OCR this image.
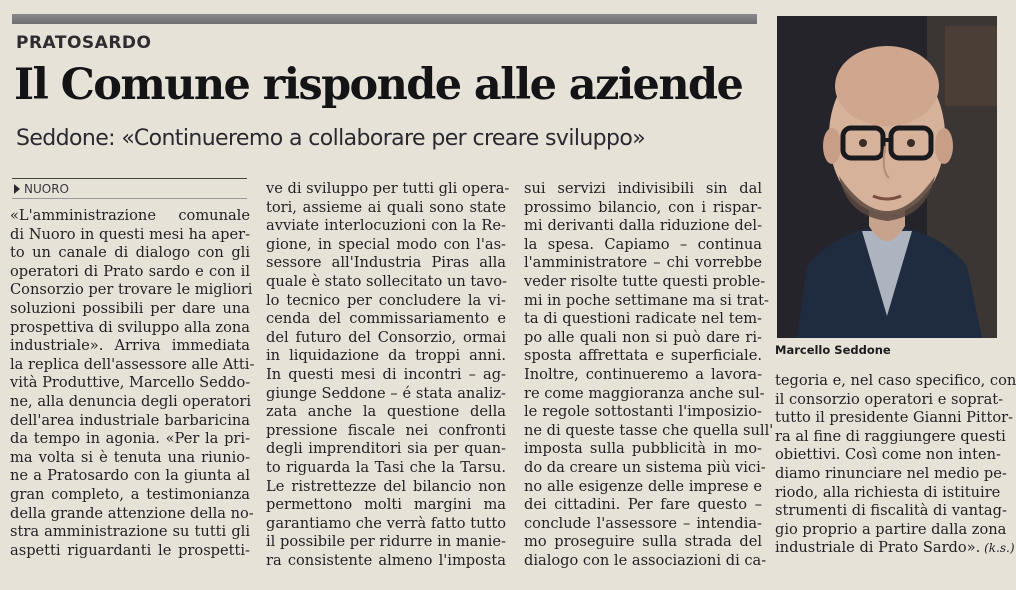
PRATOSARDO
Il Comune risponde alle aziende
Seddone: «Continueremo a collaborare per creare sviluppo»
NUORO
«L'amministrazione comunale
di Nuoro in questi mesi ha aper-
to un canale di dialogo con gli
operatori di Prato sardo e con il
Consorzio per trovare le migliori
soluzioni possibili per dare una
prospettiva di sviluppo alla zona
industriale». Arriva immediata
la replica dell'assessore alle Atti-
vità Produttive, Marcello Seddo-
ne, alla denuncia degli operatori
dell'area industriale barbaricina
da tempo in agonia. «Per la pri-
ma volta si è tenuta una riunio-
ne a Pratosardo con la giunta al
gran completo, a testimonianza
della grande attenzione della no-
stra amministrazione su tutti gli
aspetti riguardanti le prospetti-
ve di sviluppo per tutti gli opera-
tori, assieme ai quali sono state
avviate interlocuzioni con la Re-
gione, in special modo con l'as-
sessore all'Industria Piras alla
quale è stato sollecitato un tavo-
lo tecnico per concludere la vi-
cenda del commissariamento e
del futuro del Consorzio, ormai
in liquidazione da troppi anni.
In questi mesi di incontri – ag-
giunge Seddone – é stata analiz-
zata anche la questione della
pressione fiscale nei confronti
degli imprenditori sia per quan-
to riguarda la Tasi che la Tarsu.
Le ristrettezze del bilancio non
permettono molti margini ma
garantiamo che verrà fatto tutto
il possibile per ridurre in manie-
ra consistente almeno l'imposta
sui servizi indivisibili sin dal
prossimo bilancio, con i rispar-
mi derivanti dalla riduzione del-
la spesa. Capiamo – continua
l'amministratore – chi vorrebbe
veder risolte tutte questi proble-
mi in poche settimane ma si trat-
ta di questioni radicate nel tem-
po alle quali non si può dare ri-
sposta affrettata e superficiale.
Inoltre, continueremo a lavora-
re come maggioranza anche sul-
le regole sottostanti l'imposizio-
ne di queste tasse che quella sull'
imposta sulla pubblicità in mo-
do da creare un sistema più vici-
no alle esigenze delle imprese e
dei cittadini. Per fare questo –
conclude l'assessore – intendia-
mo proseguire sulla strada del
dialogo con le associazioni di ca-
tegoria e, nel caso specifico, con
il consorzio operatori e soprat-
tutto il presidente Gianni Pittor-
ra al fine di raggiungere questi
obiettivi. Così come non inten-
diamo rinunciare nel medio pe-
riodo, alla richiesta di istituire
strumenti di fiscalità di vantag-
gio proprio a partire dalla zona
industriale di Prato Sardo». (k.s.)
Marcello Seddone
